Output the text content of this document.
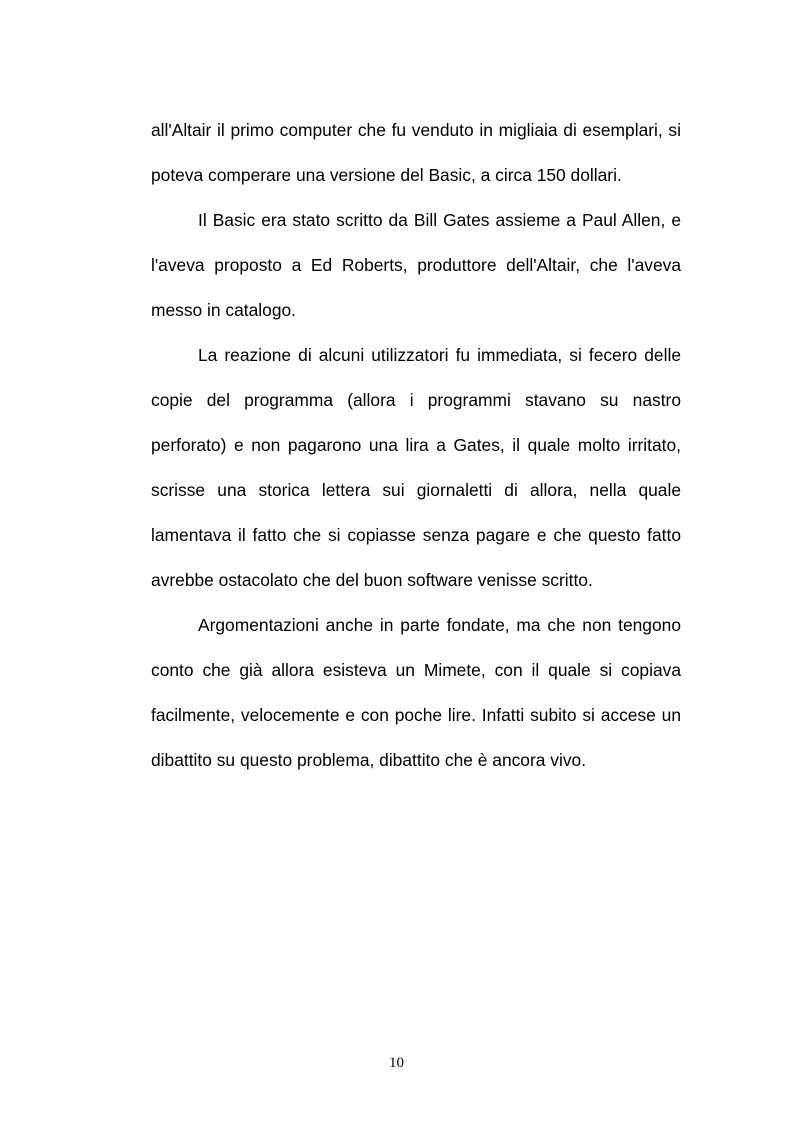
all'Altair il primo computer che fu venduto in migliaia di esemplari, si poteva comperare una versione del Basic, a circa 150 dollari.

Il Basic era stato scritto da Bill Gates assieme a Paul Allen, e l'aveva proposto a Ed Roberts, produttore dell'Altair, che l'aveva messo in catalogo.

La reazione di alcuni utilizzatori fu immediata, si fecero delle copie del programma (allora i programmi stavano su nastro perforato) e non pagarono una lira a Gates, il quale molto irritato, scrisse una storica lettera sui giornaletti di allora, nella quale lamentava il fatto che si copiasse senza pagare e che questo fatto avrebbe ostacolato che del buon software venisse scritto.

Argomentazioni anche in parte fondate, ma che non tengono conto che già allora esisteva un Mimete, con il quale si copiava facilmente, velocemente e con poche lire. Infatti subito si accese un dibattito su questo problema, dibattito che è ancora vivo.

10
